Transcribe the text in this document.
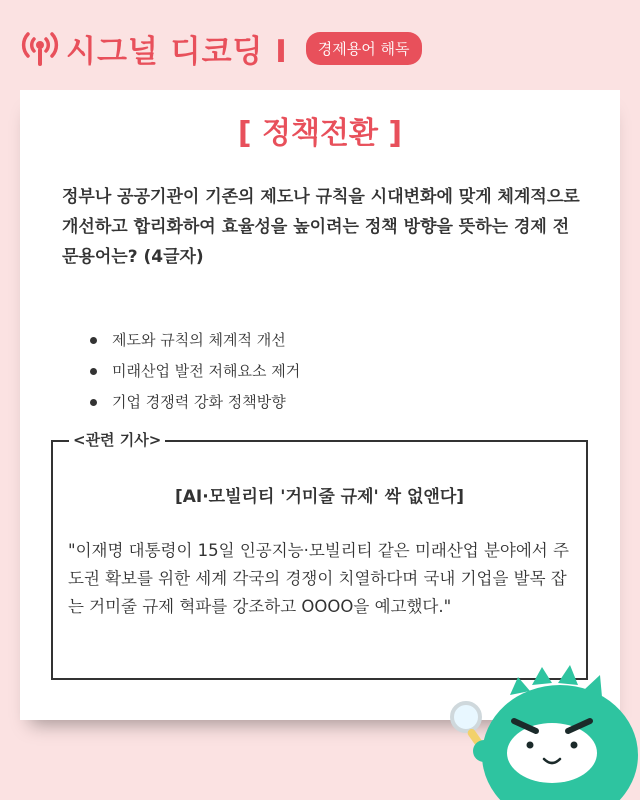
시그널 디코딩 I	경제용어 해독
[ 정책전환 ]
정부나 공공기관이 기존의 제도나 규칙을 시대변화에 맞게 체계적으로 개선하고 합리화하여 효율성을 높이려는 정책 방향을 뜻하는 경제 전문용어는? (4글자)
제도와 규칙의 체계적 개선
미래산업 발전 저해요소 제거
기업 경쟁력 강화 정책방향
<관련 기사>
[AI·모빌리티 '거미줄 규제' 싹 없앤다]
"이재명 대통령이 15일 인공지능·모빌리티 같은 미래산업 분야에서 주도권 확보를 위한 세계 각국의 경쟁이 치열하다며 국내 기업을 발목 잡는 거미줄 규제 혁파를 강조하고 OOOO을 예고했다."
